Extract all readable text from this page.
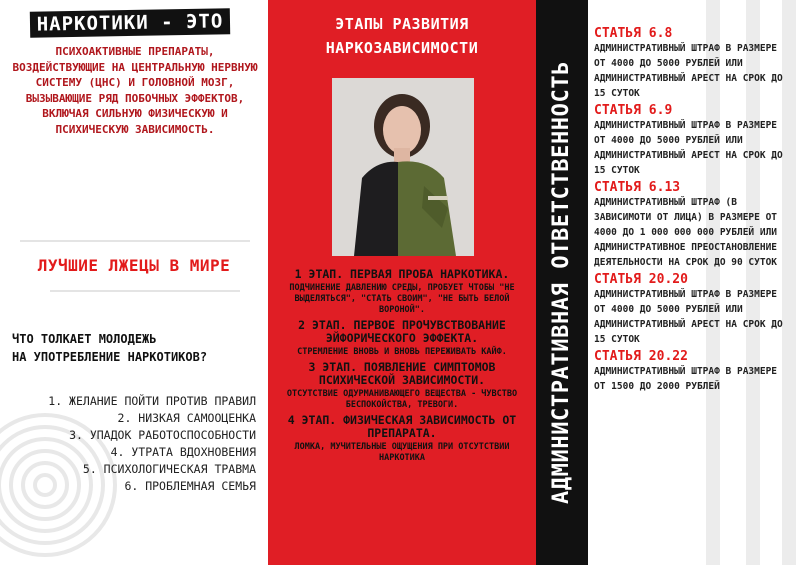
НАРКОТИКИ - ЭТО
ПСИХОАКТИВНЫЕ ПРЕПАРАТЫ, ВОЗДЕЙСТВУЮЩИЕ НА ЦЕНТРАЛЬНУЮ НЕРВНУЮ СИСТЕМУ (ЦНС) И ГОЛОВНОЙ МОЗГ, ВЫЗЫВАЮЩИЕ РЯД ПОБОЧНЫХ ЭФФЕКТОВ, ВКЛЮЧАЯ СИЛЬНУЮ ФИЗИЧЕСКУЮ И ПСИХИЧЕСКУЮ ЗАВИСИМОСТЬ.
ЛУЧШИЕ ЛЖЕЦЫ В МИРЕ
ЧТО ТОЛКАЕТ МОЛОДЕЖЬ
НА УПОТРЕБЛЕНИЕ НАРКОТИКОВ?
1. ЖЕЛАНИЕ ПОЙТИ ПРОТИВ ПРАВИЛ
2. НИЗКАЯ САМООЦЕНКА
3. УПАДОК РАБОТОСПОСОБНОСТИ
4. УТРАТА ВДОХНОВЕНИЯ
5. ПСИХОЛОГИЧЕСКАЯ ТРАВМА
6. ПРОБЛЕМНАЯ СЕМЬЯ
ЭТАПЫ РАЗВИТИЯ
НАРКОЗАВИСИМОСТИ
1 ЭТАП. ПЕРВАЯ ПРОБА НАРКОТИКА.
ПОДЧИНЕНИЕ ДАВЛЕНИЮ СРЕДЫ, ПРОБУЕТ ЧТОБЫ "НЕ ВЫДЕЛЯТЬСЯ", "СТАТЬ СВОИМ", "НЕ БЫТЬ БЕЛОЙ ВОРОНОЙ".
2 ЭТАП. ПЕРВОЕ ПРОЧУВСТВОВАНИЕ ЭЙФОРИЧЕСКОГО ЭФФЕКТА.
СТРЕМЛЕНИЕ ВНОВЬ И ВНОВЬ ПЕРЕЖИВАТЬ КАЙФ.
3 ЭТАП. ПОЯВЛЕНИЕ СИМПТОМОВ ПСИХИЧЕСКОЙ ЗАВИСИМОСТИ.
ОТСУТСТВИЕ ОДУРМАНИВАЮЩЕГО ВЕЩЕСТВА - ЧУВСТВО БЕСПОКОЙСТВА, ТРЕВОГИ.
4 ЭТАП. ФИЗИЧЕСКАЯ ЗАВИСИМОСТЬ ОТ ПРЕПАРАТА.
ЛОМКА, МУЧИТЕЛЬНЫЕ ОЩУЩЕНИЯ ПРИ ОТСУТСТВИИ НАРКОТИКА	АДМИНИСТРАТИВНАЯ ОТВЕТСТВЕННОСТЬ
СТАТЬЯ 6.8
АДМИНИСТРАТИВНЫЙ ШТРАФ В РАЗМЕРЕ ОТ 4000 ДО 5000 РУБЛЕЙ ИЛИ АДМИНИСТРАТИВНЫЙ АРЕСТ НА СРОК ДО 15 СУТОК
СТАТЬЯ 6.9
АДМИНИСТРАТИВНЫЙ ШТРАФ В РАЗМЕРЕ ОТ 4000 ДО 5000 РУБЛЕЙ ИЛИ АДМИНИСТРАТИВНЫЙ АРЕСТ НА СРОК ДО 15 СУТОК
СТАТЬЯ 6.13
АДМИНИСТРАТИВНЫЙ ШТРАФ (В ЗАВИСИМОТИ ОТ ЛИЦА) В РАЗМЕРЕ ОТ 4000 ДО 1 000 000 000 РУБЛЕЙ ИЛИ АДМИНИСТРАТИВНОЕ ПРЕОСТАНОВЛЕНИЕ ДЕЯТЕЛЬНОСТИ НА СРОК ДО 90 СУТОК
СТАТЬЯ 20.20
АДМИНИСТРАТИВНЫЙ ШТРАФ В РАЗМЕРЕ ОТ 4000 ДО 5000 РУБЛЕЙ ИЛИ АДМИНИСТРАТИВНЫЙ АРЕСТ НА СРОК ДО 15 СУТОК
СТАТЬЯ 20.22
АДМИНИСТРАТИВНЫЙ ШТРАФ В РАЗМЕРЕ ОТ 1500 ДО 2000 РУБЛЕЙ
